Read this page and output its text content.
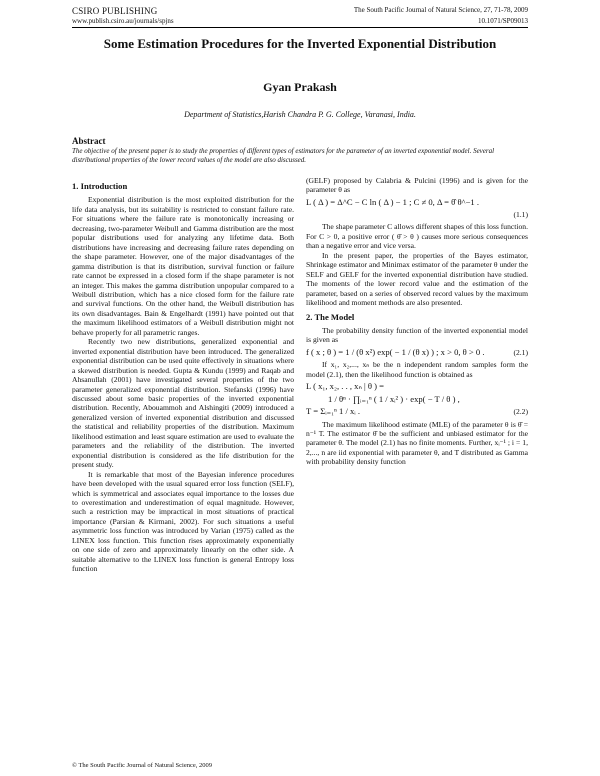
CSIRO PUBLISHING	The South Pacific Journal of Natural Science, 27, 71-78, 2009
www.publish.csiro.au/journals/spjns	10.1071/SP09013
Some Estimation Procedures for the Inverted Exponential Distribution
Gyan Prakash
Department of Statistics,Harish Chandra P. G. College, Varanasi, India.
Abstract
The objective of the present paper is to study the properties of different types of estimators for the parameter of an inverted exponential model. Several distributional properties of the lower record values of the model are also discussed.
1. Introduction

Exponential distribution is the most exploited distribution for the life data analysis, but its suitability is restricted to constant failure rate. For situations where the failure rate is monotonically increasing or decreasing, two-parameter Weibull and Gamma distribution are the most popular distributions used for analyzing any lifetime data. Both distributions have increasing and decreasing failure rates depending on the shape parameter. However, one of the major disadvantages of the gamma distribution is that its distribution, survival function or failure rate cannot be expressed in a closed form if the shape parameter is not an integer. This makes the gamma distribution unpopular compared to a Weibull distribution, which has a nice closed form for the failure rate and survival functions. On the other hand, the Weibull distribution has its own disadvantages. Bain & Engelhardt (1991) have pointed out that the maximum likelihood estimators of a Weibull distribution might not behave properly for all parametric ranges.

Recently two new distributions, generalized exponential and inverted exponential distribution have been introduced. The generalized exponential distribution can be used quite effectively in situations where a skewed distribution is needed. Gupta & Kundu (1999) and Raqab and Ahsanullah (2001) have investigated several properties of the two parameter generalized exponential distribution. Stefanski (1996) have discussed about some basic properties of the inverted exponential distribution. Recently, Abouammoh and Alshingiti (2009) introduced a generalized version of inverted exponential distribution and discussed the statistical and reliability properties of the distribution. Maximum likelihood estimation and least square estimation are used to evaluate the parameters and the reliability of the distribution. The inverted exponential distribution is considered as the life distribution for the present study.

It is remarkable that most of the Bayesian inference procedures have been developed with the usual squared error loss function (SELF), which is symmetrical and associates equal importance to the losses due to overestimation and underestimation of equal magnitude. However, such a restriction may be impractical in most situations of practical importance (Parsian & Kirmani, 2002). For such situations a useful asymmetric loss function was introduced by Varian (1975) called as the LINEX loss function. This function rises approximately exponentially on one side of zero and approximately linearly on the other side. A suitable alternative to the LINEX loss function is general Entropy loss function

(GELF) proposed by Calabria & Pulcini (1996) and is given for the parameter θ as

L ( Δ ) = Δ^C − C ln ( Δ ) − 1 ; C ≠ 0, Δ = θ̂ θ^−1 .
(1.1)

The shape parameter C allows different shapes of this loss function. For C > 0, a positive error ( θ̂ > θ ) causes more serious consequences than a negative error and vice versa.

In the present paper, the properties of the Bayes estimator, Shrinkage estimator and Minimax estimator of the parameter θ under the SELF and GELF for the inverted exponential distribution have studied. The moments of the lower record value and the estimation of the parameter, based on a series of observed record values by the maximum likelihood and moment methods are also presented.

2. The Model

The probability density function of the inverted exponential model is given as

f ( x ; θ ) = 1 / (θ x²) exp( − 1 / (θ x) ) ; x > 0, θ > 0 .	(2.1)

If x₁, x₂,..., xₙ be the n independent random samples form the model (2.1), then the likelihood function is obtained as

L ( x₁, x₂, . . , xₙ | θ ) =
1 / θⁿ · ∏ᵢ₌₁ⁿ ( 1 / xᵢ² ) · exp( − T / θ ) ,
T = Σᵢ₌₁ⁿ 1 / xᵢ .	(2.2)

The maximum likelihood estimate (MLE) of the parameter θ is θ̂ = n⁻¹ T. The estimator θ̂ be the sufficient and unbiased estimator for the parameter θ. The model (2.1) has no finite moments. Further, xᵢ⁻¹ ; i = 1, 2,..., n are iid exponential with parameter θ, and T distributed as Gamma with probability density function

© The South Pacific Journal of Natural Science, 2009
